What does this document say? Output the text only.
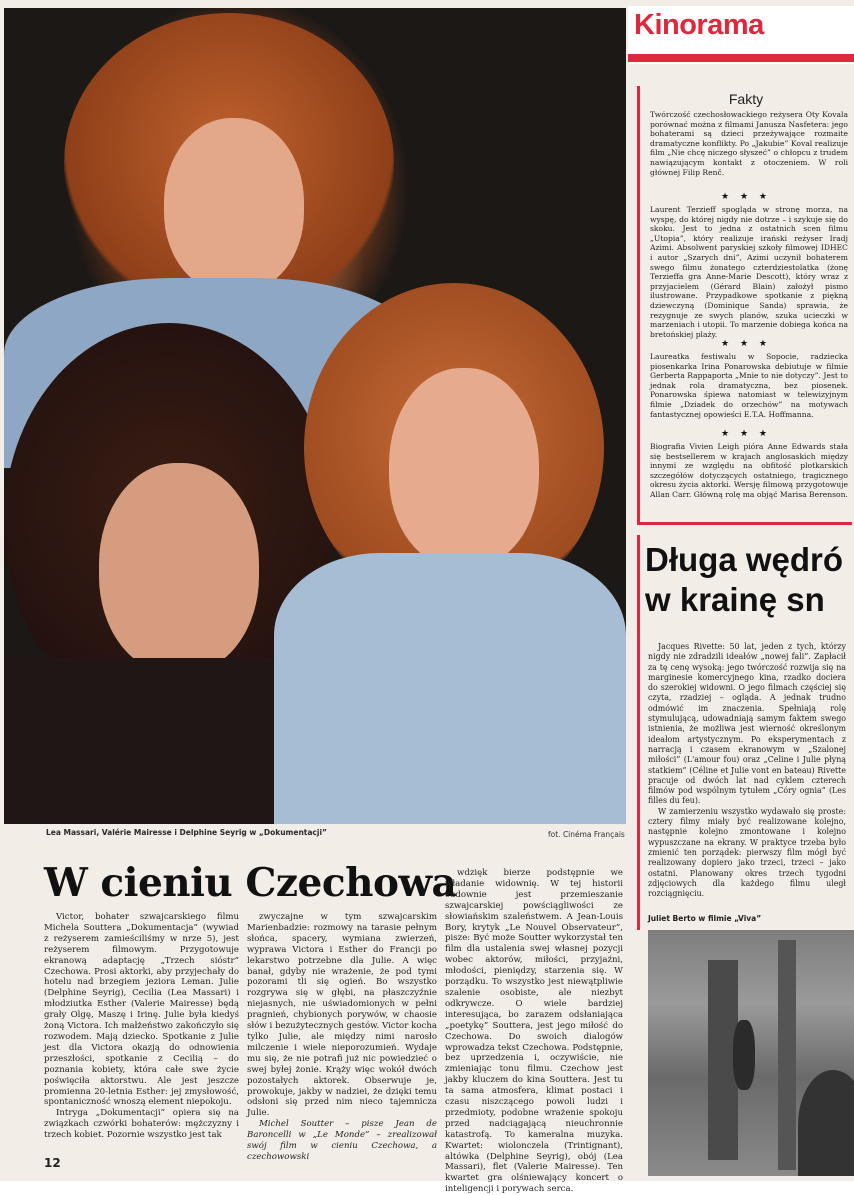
Lea Massari, Valérie Mairesse i Delphine Seyrig w „Dokumentacji”	fot. Cinéma Français
W cieniu Czechowa

Victor, bohater szwajcarskiego filmu Michela Souttera „Dokumentacja” (wywiad z reżyserem zamieściliśmy w nrze 5), jest reżyserem filmowym. Przygotowuje ekranową adaptację „Trzech sióstr” Czechowa. Prosi aktorki, aby przyjechały do hotelu nad brzegiem jeziora Leman. Julie (Delphine Seyrig), Cecilia (Lea Massari) i młodziutka Esther (Valerie Mairesse) będą grały Olgę, Maszę i Irinę. Julie była kiedyś żoną Victora. Ich małżeństwo zakończyło się rozwodem. Mają dziecko. Spotkanie z Julie jest dla Victora okazją do odnowienia przeszłości, spotkanie z Cecilią – do poznania kobiety, która całe swe życie poświęciła aktorstwu. Ale jest jeszcze promienna 20-letnia Esther: jej zmysłowość, spontaniczność wnoszą element niepokoju.

Intryga „Dokumentacji” opiera się na związkach czwórki bohaterów: mężczyzny i trzech kobiet. Pozornie wszystko jest tak

zwyczajne w tym szwajcarskim Marienbadzie: rozmowy na tarasie pełnym słońca, spacery, wymiana zwierzeń, wyprawa Victora i Esther do Francji po lekarstwo potrzebne dla Julie. A więc banał, gdyby nie wrażenie, że pod tymi pozorami tli się ogień. Bo wszystko rozgrywa się w głębi, na płaszczyźnie niejasnych, nie uświadomionych w pełni pragnień, chybionych porywów, w chaosie słów i bezużytecznych gestów. Victor kocha tylko Julie, ale między nimi narosło milczenie i wiele nieporozumień. Wydaje mu się, że nie potrafi już nic powiedzieć o swej byłej żonie. Krąży więc wokół dwóch pozostałych aktorek. Obserwuje je, prowokuje, jakby w nadziei, że dzięki temu odsłoni się przed nim nieco tajemnicza Julie.

Michel Soutter – pisze Jean de Baroncelli w „Le Monde” – zrealizował swój film w cieniu Czechowa, a czechowowski

wdzięk bierze podstępnie we władanie widownię. W tej historii cudownie jest przemieszanie szwajcarskiej powściągliwości ze słowiańskim szaleństwem. A Jean-Louis Bory, krytyk „Le Nouvel Observateur”, pisze: Być może Soutter wykorzystał ten film dla ustalenia swej własnej pozycji wobec aktorów, miłości, przyjaźni, młodości, pieniędzy, starzenia się. W porządku. To wszystko jest niewątpliwie szalenie osobiste, ale niezbyt odkrywcze. O wiele bardziej interesująca, bo zarazem odsłaniająca „poetykę” Souttera, jest jego miłość do Czechowa. Do swoich dialogów wprowadza tekst Czechowa. Podstępnie, bez uprzedzenia i, oczywiście, nie zmieniając tonu filmu. Czechow jest jakby kluczem do kina Souttera. Jest tu ta sama atmosfera, klimat postaci i czasu niszczącego powoli ludzi i przedmioty, podobne wrażenie spokoju przed nadciągającą nieuchronnie katastrofą. To kameralna muzyka. Kwartet: wiolonczela (Trintignant), altówka (Delphine Seyrig), obój (Lea Massari), flet (Valerie Mairesse). Ten kwartet gra olśniewający koncert o inteligencji i porywach serca.

12
Kinorama
Fakty
Twórczość czechosłowackiego reżysera Oty Kovala porównać można z filmami Janusza Nasfetera: jego bohaterami są dzieci przeżywające rozmaite dramatyczne konflikty. Po „Jakubie” Koval realizuje film „Nie chcę niczego słyszeć” o chłopcu z trudem nawiązującym kontakt z otoczeniem. W roli głównej Filip Renč.
★ ★ ★
Laurent Terzieff spogląda w stronę morza, na wyspę, do której nigdy nie dotrze – i szykuje się do skoku. Jest to jedna z ostatnich scen filmu „Utopia”, który realizuje irański reżyser Iradj Azimi. Absolwent paryskiej szkoły filmowej IDHEC i autor „Szarych dni”, Azimi uczynił bohaterem swego filmu żonatego czterdziestolatka (żonę Terzieffa gra Anne-Marie Descott), który wraz z przyjacielem (Gérard Blain) założył pismo ilustrowane. Przypadkowe spotkanie z piękną dziewczyną (Dominique Sanda) sprawia, że rezygnuje ze swych planów, szuka ucieczki w marzeniach i utopii. To marzenie dobiega końca na bretońskiej plaży.
★ ★ ★
Laureatka festiwalu w Sopocie, radziecka piosenkarka Irina Ponarowska debiutuje w filmie Gerberta Rappaporta „Mnie to nie dotyczy”. Jest to jednak rola dramatyczna, bez piosenek. Ponarowska śpiewa natomiast w telewizyjnym filmie „Dziadek do orzechów” na motywach fantastycznej opowieści E.T.A. Hoffmanna.
★ ★ ★
Biografia Vivien Leigh pióra Anne Edwards stała się bestsellerem w krajach anglosaskich między innymi ze względu na obfitość plotkarskich szczegółów dotyczących ostatniego, tragicznego okresu życia aktorki. Wersję filmową przygotowuje Allan Carr. Główną rolę ma objąć Marisa Berenson.
Długa wędró
w krainę sn

Jacques Rivette: 50 lat, jeden z tych, którzy nigdy nie zdradzili ideałów „nowej fali”. Zapłacił za tę cenę wysoką: jego twórczość rozwija się na marginesie komercyjnego kina, rzadko dociera do szerokiej widowni. O jego filmach częściej się czyta, rzadziej – ogląda. A jednak trudno odmówić im znaczenia. Spełniają rolę stymulującą, udowadniają samym faktem swego istnienia, że możliwa jest wierność określonym ideałom artystycznym. Po eksperymentach z narracją i czasem ekranowym w „Szalonej miłości” (L'amour fou) oraz „Celine i Julie płyną statkiem” (Céline et Julie vont en bateau) Rivette pracuje od dwóch lat nad cyklem czterech filmów pod wspólnym tytułem „Córy ognia” (Les filles du feu).

W zamierzeniu wszystko wydawało się proste: cztery filmy miały być realizowane kolejno, następnie kolejno zmontowane i kolejno wypuszczane na ekrany. W praktyce trzeba było zmienić ten porządek: pierwszy film mógł być realizowany dopiero jako trzeci, trzeci – jako ostatni. Planowany okres trzech tygodni zdjęciowych dla każdego filmu uległ rozciągnięciu.

Juliet Berto w filmie „Viva”
